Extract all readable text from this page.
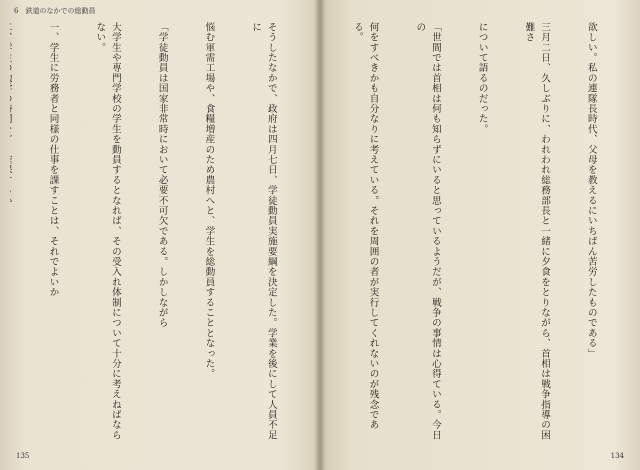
6　鉄道のなかでの総動員

そうしたなかで、政府は四月七日、学徒動員実施要綱を決定した。学業を後にして人員不足に

悩む軍需工場や、食糧増産のため農村へと、学生を総動員することとなった。

「学徒動員は国家非常時において必要不可欠である。しかしながら

大学生や専門学校の学生を動員するとなれば、その受入れ体制について十分に考えねばならない。

一、学生に労務者と同様の仕事を課すことは、それでよいか

135	134

欲しい。私の連隊長時代、父母を教えるにいちばん苦労したものである」

三月二日、久しぶりに、われわれ総務部長と一緒に夕食をとりながら、首相は戦争指導の困難さ

について語るのだった。

「世間では首相は何も知らずにいると思っているようだが、戦争の事情は心得ている。今日の

何をすべきかも自分なりに考えている。それを周囲の者が実行してくれないのが残念である。
